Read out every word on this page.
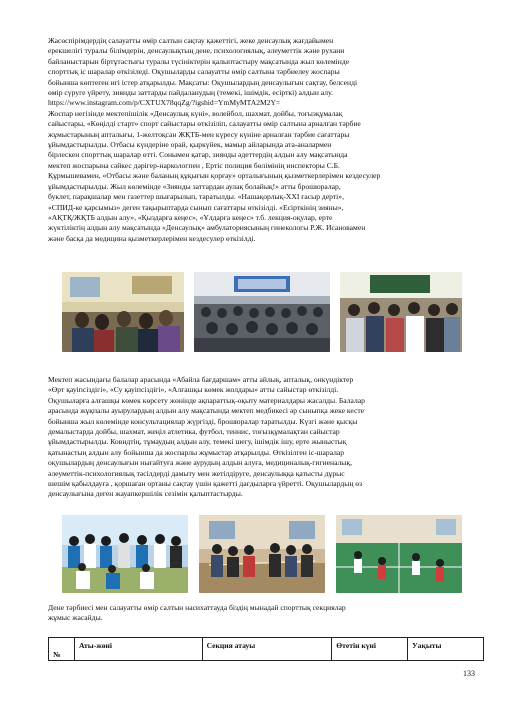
Жасөспірімдердің салауатты өмір салтын сақтау қажеттігі, жеке денсаулық жағдайымен
ерекшелігі туралы білімдерін, денсаулықтың дене, психологиялық, әлеуметтік және рухани
байланыстарын біртұтастығы туралы түсініктерін қалыптастыру мақсатында жыл көлемінде
спорттық іс шаралар өткізіледі. Оқушыларды салауатты өмір салтына тәрбиелеу жоспары
бойынша көптеген игі істер атқарылды. Мақсаты: Оқушылардың денсаулығын сақтау, белсенді
өмір сүруге үйрету, зиянды заттарды пайдаланудың (темекі, ішімдік, есірткі) алдын алу.
https://www.instagram.com/p/CXTUX78qqZg/?igshid=YmMyMTA2M2Y=
Жоспар негізінде мектепішілік «Денсаулық күні», волейбол, шахмат, дойбы, тоғызқұмалақ
сайыстары, «Көңілді старт» спорт сайыстары өткізіліп, салауатты өмір салтына арналған тәрбие
жұмыстарының апталығы, 1-желтоқсан ЖҚТБ-мен күресу күніне арналған тәрбие сағаттары
ұйымдастырылды. Отбасы күндеріне орай, қыркүйек, мамыр айларында ата-аналармен
бірлескен спорттық шаралар өтті. Сонымен қатар, зиянды әдеттердің алдын алу мақсатында
мектеп жоспарына сәйкес дәрігер-наркологпен , Ертіс полиция бөлімінің инспекторы С.Б.
Құрмышевамен, «Отбасы және баланың құқығын қорғау» орталығының қызметкерлерімен кездесулер
ұйымдастырылды. Жыл көлемінде «Зиянды заттардан аулақ болайық!» атты брошюралар,
буклет, парақшалар мен газеттер шығарылып, таратылды. «Нашақорлық-XXI ғасыр дерті»,
«СПИД-ке қарсымыз» деген тақырыптарда сынып сағаттары өткізілді. «Есірткінің зияны»,
«АҚТҚ/ЖҚТБ алдын алу», «Қыздарға кеңес», «Ұлдарға кеңес» т.б. лекция-оқулар, ерте
жүктіліктің алдын алу мақсатында «Денсаулық» амбулаториясының гинекологы Р.Ж. Исановамен
және басқа да медицина қызметкерлерімен кездесулер өткізілді.

Мектеп жасындағы балалар арасында «Абайла бағдаршам» атты айлық, апталық, онкүндіктер
«Өрт қауіпсіздігі», «Су қауіпсіздігі», «Алғашқы көмек жолдары» атты сайыстар өткізілді.
Оқушыларға алғашқы көмек көрсету жөнінде ақпараттық-оқыту материалдары жасалды. Балалар
арасында жұқпалы ауырулардың алдын алу мақсатында мектеп медбикесі әр сыныпқа жеке кесте
бойынша жыл көлемінде консультациялар жүргізді, брошюралар таратылды. Күзгі және қысқы
демалыстарда дойбы, шахмат, жеңіл атлетика, футбол, теннис, тоғызқұмалақтан сайыстар
ұйымдастырылды. Ковидтің, тұмаудың алдын алу, темекі шегу, ішімдік ішу, ерте жыныстық
қатынастың алдын алу бойынша да жоспарлы жұмыстар атқарылды. Өткізілген іс-шаралар
оқушылардың денсаулығын нығайтуға және аурудың алдын алуға, медициналық-гигиеналық,
әлеуметтік-психологиялық тәсілдерді дамыту мен жетілдіруге, денсаулыққа қатысты дұрыс
шешім қабылдауға , қоршаған ортаны сақтау үшін қажетті дағдыларға үйретті. Оқушылардың өз
денсаулығына деген жауапкершілік сезімін қалыптастырды.

Дене тәрбиесі мен салауатты өмір салтын насихаттауда біздің мынадай спорттық секциялар
жұмыс жасайды.

№	Аты-жөні	Секция атауы	Өтетін күні	Уақыты
133
